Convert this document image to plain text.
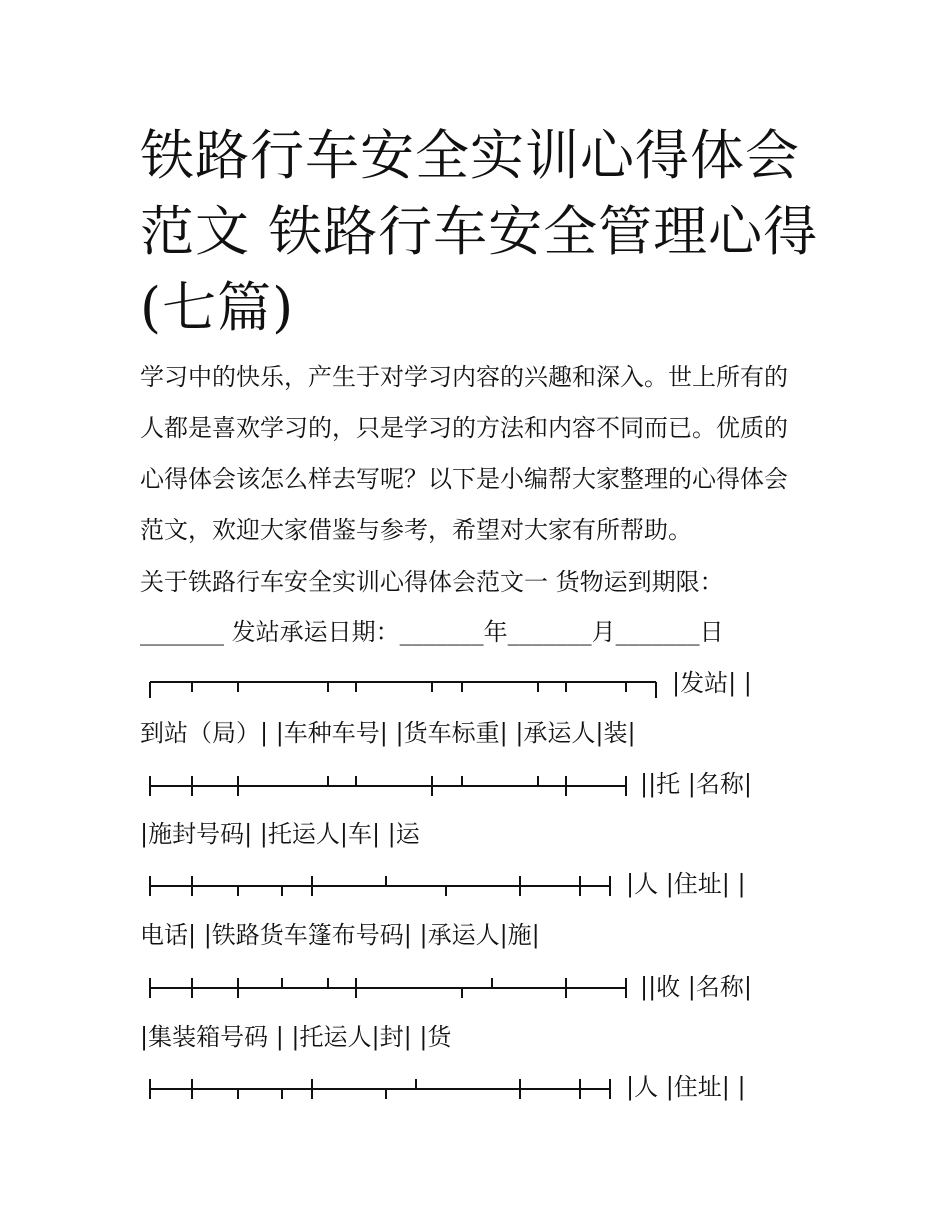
铁路行车安全实训心得体会范文 铁路行车安全管理心得(七篇)
学习中的快乐，产生于对学习内容的兴趣和深入。世上所有的
人都是喜欢学习的，只是学习的方法和内容不同而已。优质的
心得体会该怎么样去写呢？以下是小编帮大家整理的心得体会
范文，欢迎大家借鉴与参考，希望对大家有所帮助。
关于铁路行车安全实训心得体会范文一 货物运到期限：
_______ 发站承运日期：_______年_______月_______日
|发站| |
到站（局）| |车种车号| |货车标重| |承运人|装|
||托 |名称|
|施封号码| |托运人|车| |运
|人 |住址| |
电话| |铁路货车篷布号码| |承运人|施|
||收 |名称|
|集装箱号码 | |托运人|封| |货
|人 |住址| |
